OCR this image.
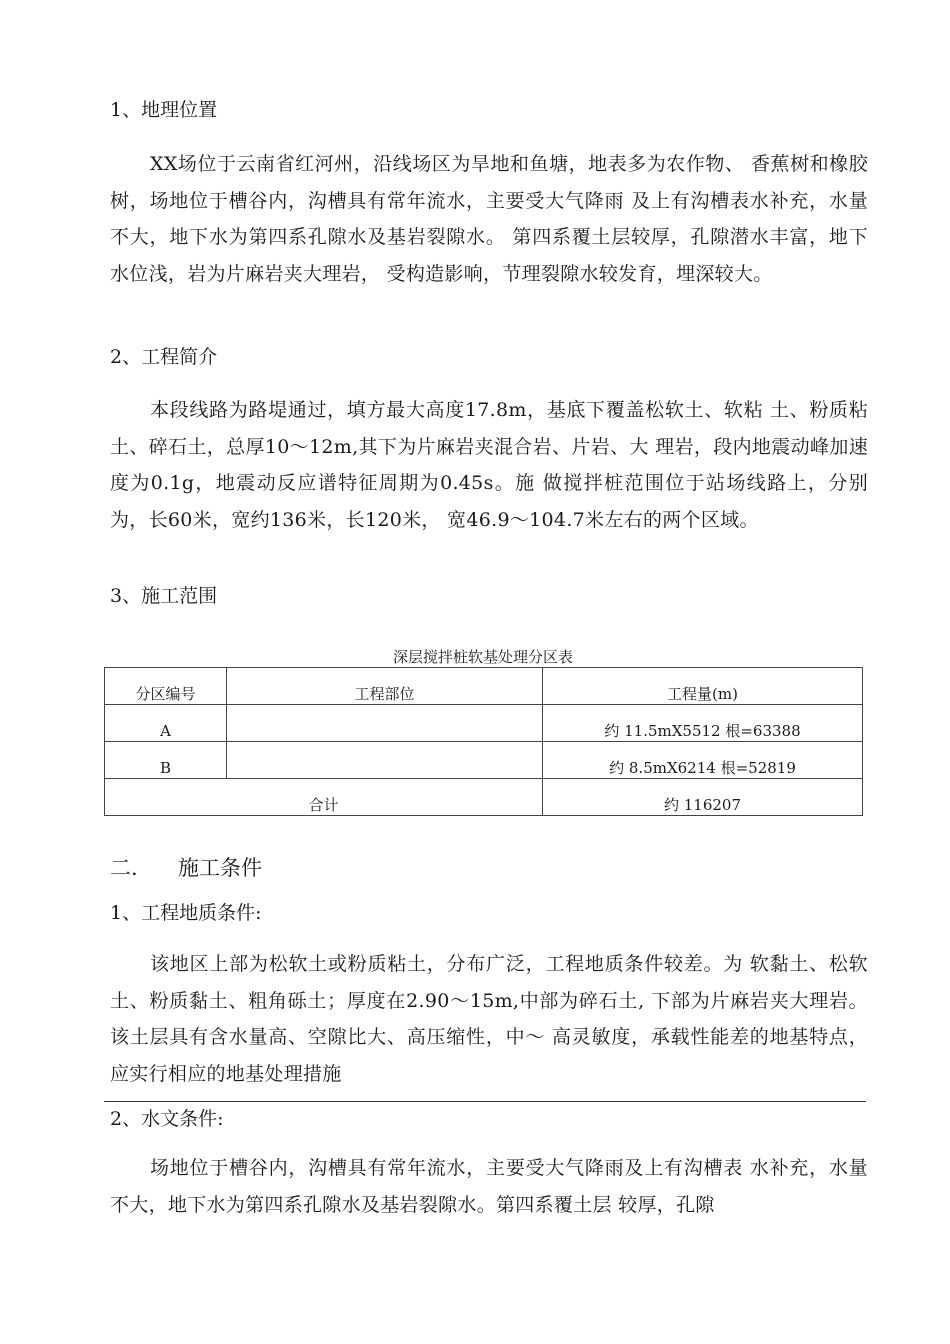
1、地理位置
XX场位于云南省红河州，沿线场区为旱地和鱼塘，地表多为农作物、 香蕉树和橡胶树，场地位于槽谷内，沟槽具有常年流水，主要受大气降雨 及上有沟槽表水补充，水量不大，地下水为第四系孔隙水及基岩裂隙水。 第四系覆土层较厚，孔隙潜水丰富，地下水位浅，岩为片麻岩夹大理岩， 受构造影响，节理裂隙水较发育，埋深较大。
2、工程简介
本段线路为路堤通过，填方最大高度17.8m，基底下覆盖松软土、软粘 土、粉质粘土、碎石土，总厚10〜12m,其下为片麻岩夹混合岩、片岩、大 理岩，段内地震动峰加速度为0.1g，地震动反应谱特征周期为0.45s。施 做搅拌桩范围位于站场线路上，分别为，长60米，宽约136米，长120米， 宽46.9〜104.7米左右的两个区域。
3、施工范围
深层搅拌桩软基处理分区表
分区编号	工程部位	工程量(m)
A		约 11.5mX5512 根=63388
B		约 8.5mX6214 根=52819
合计		约 116207
二. 施工条件
1、工程地质条件:
该地区上部为松软土或粉质粘土，分布广泛，工程地质条件较差。为 软黏土、松软土、粉质黏土、粗角砾土；厚度在2.90〜15m,中部为碎石土, 下部为片麻岩夹大理岩。该土层具有含水量高、空隙比大、高压缩性，中〜 高灵敏度，承载性能差的地基特点，应实行相应的地基处理措施
2、水文条件:
场地位于槽谷内，沟槽具有常年流水，主要受大气降雨及上有沟槽表 水补充，水量不大，地下水为第四系孔隙水及基岩裂隙水。第四系覆土层 较厚，孔隙
